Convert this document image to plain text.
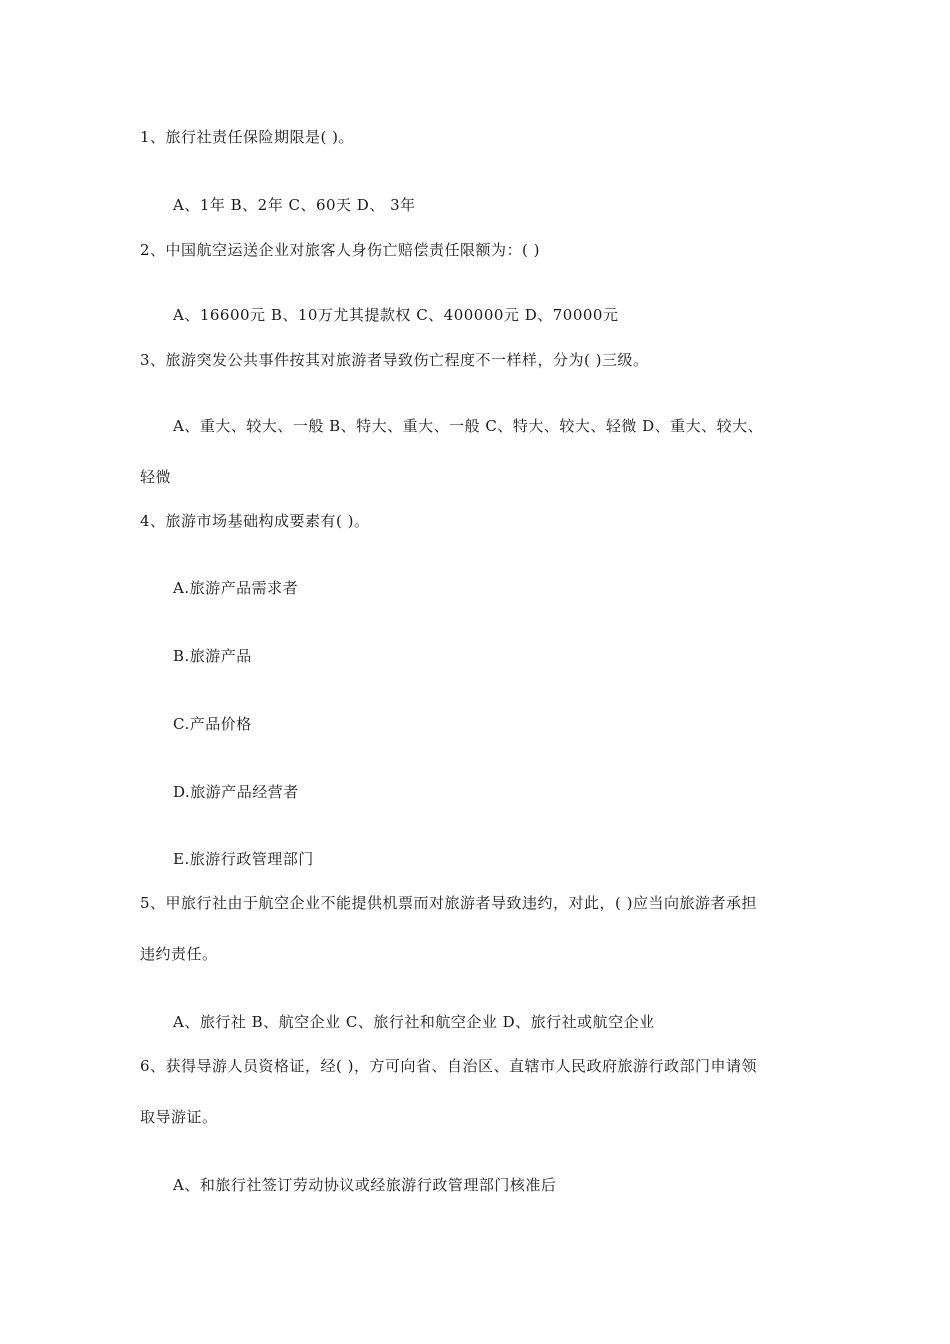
1、旅行社责任保险期限是( )。
A、1年 B、2年 C、60天 D、 3年
2、中国航空运送企业对旅客人身伤亡赔偿责任限额为：( )
A、16600元 B、10万尤其提款权 C、400000元 D、70000元
3、旅游突发公共事件按其对旅游者导致伤亡程度不一样样，分为( )三级。
A、重大、较大、一般 B、特大、重大、一般 C、特大、较大、轻微 D、重大、较大、
轻微
4、旅游市场基础构成要素有( )。
A.旅游产品需求者
B.旅游产品
C.产品价格
D.旅游产品经营者
E.旅游行政管理部门
5、甲旅行社由于航空企业不能提供机票而对旅游者导致违约，对此，( )应当向旅游者承担
违约责任。
A、旅行社 B、航空企业 C、旅行社和航空企业 D、旅行社或航空企业
6、获得导游人员资格证，经( )，方可向省、自治区、直辖市人民政府旅游行政部门申请领
取导游证。
A、和旅行社签订劳动协议或经旅游行政管理部门核准后
